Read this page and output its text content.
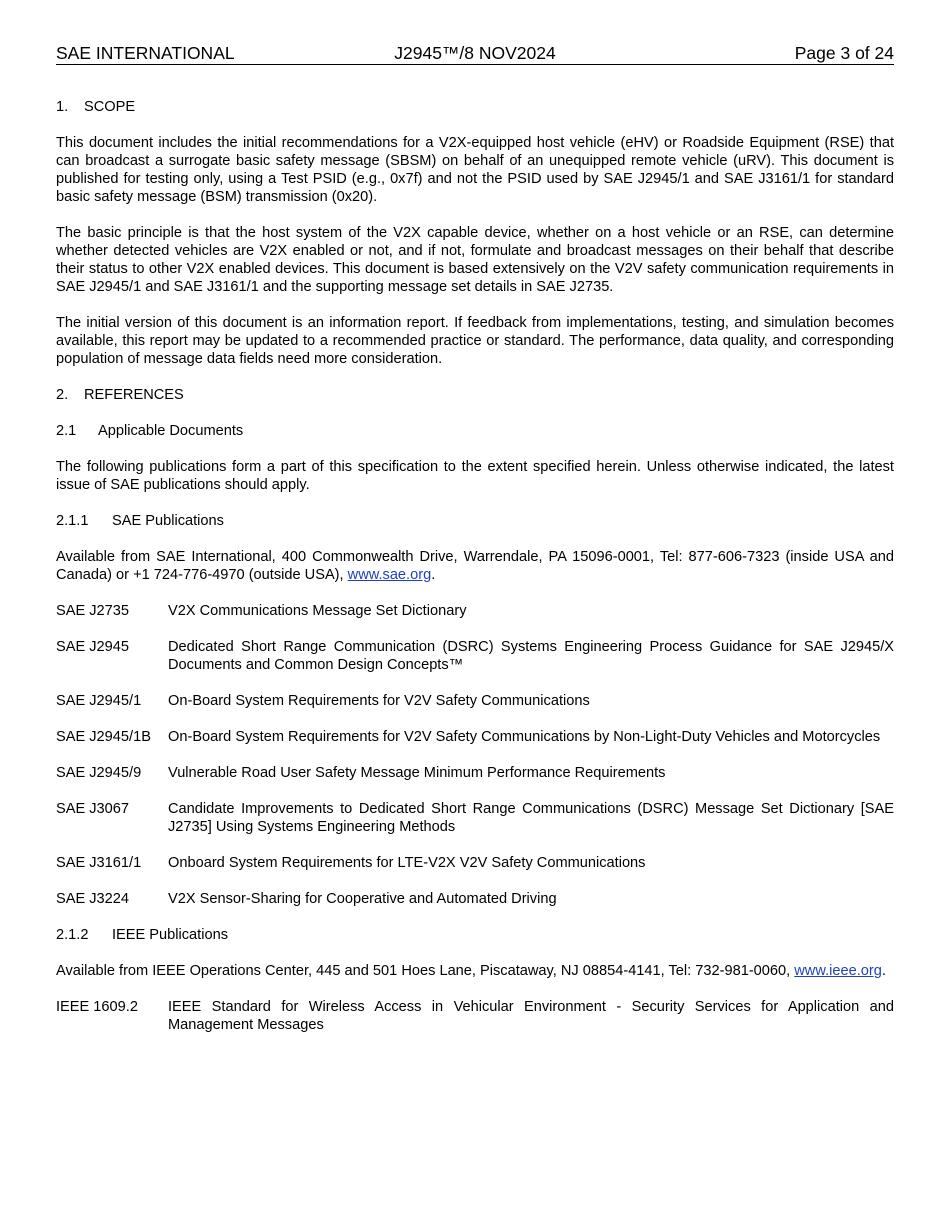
SAE INTERNATIONAL	J2945™/8 NOV2024	Page 3 of 24
1. SCOPE

This document includes the initial recommendations for a V2X-equipped host vehicle (eHV) or Roadside Equipment (RSE) that can broadcast a surrogate basic safety message (SBSM) on behalf of an unequipped remote vehicle (uRV). This document is published for testing only, using a Test PSID (e.g., 0x7f) and not the PSID used by SAE J2945/1 and SAE J3161/1 for standard basic safety message (BSM) transmission (0x20).

The basic principle is that the host system of the V2X capable device, whether on a host vehicle or an RSE, can determine whether detected vehicles are V2X enabled or not, and if not, formulate and broadcast messages on their behalf that describe their status to other V2X enabled devices. This document is based extensively on the V2V safety communication requirements in SAE J2945/1 and SAE J3161/1 and the supporting message set details in SAE J2735.

The initial version of this document is an information report. If feedback from implementations, testing, and simulation becomes available, this report may be updated to a recommended practice or standard. The performance, data quality, and corresponding population of message data fields need more consideration.

2. REFERENCES
2.1 Applicable Documents

The following publications form a part of this specification to the extent specified herein. Unless otherwise indicated, the latest issue of SAE publications should apply.

2.1.1 SAE Publications

Available from SAE International, 400 Commonwealth Drive, Warrendale, PA 15096-0001, Tel: 877-606-7323 (inside USA and Canada) or +1 724-776-4970 (outside USA), www.sae.org.

SAE J2735	V2X Communications Message Set Dictionary
SAE J2945	Dedicated Short Range Communication (DSRC) Systems Engineering Process Guidance for SAE J2945/X Documents and Common Design Concepts™
SAE J2945/1	On-Board System Requirements for V2V Safety Communications
SAE J2945/1B	On-Board System Requirements for V2V Safety Communications by Non-Light-Duty Vehicles and Motorcycles
SAE J2945/9	Vulnerable Road User Safety Message Minimum Performance Requirements
SAE J3067	Candidate Improvements to Dedicated Short Range Communications (DSRC) Message Set Dictionary [SAE J2735] Using Systems Engineering Methods
SAE J3161/1	Onboard System Requirements for LTE-V2X V2V Safety Communications
SAE J3224	V2X Sensor-Sharing for Cooperative and Automated Driving
2.1.2 IEEE Publications

Available from IEEE Operations Center, 445 and 501 Hoes Lane, Piscataway, NJ 08854-4141, Tel: 732-981-0060, www.ieee.org.

IEEE 1609.2	IEEE Standard for Wireless Access in Vehicular Environment - Security Services for Application and Management Messages
